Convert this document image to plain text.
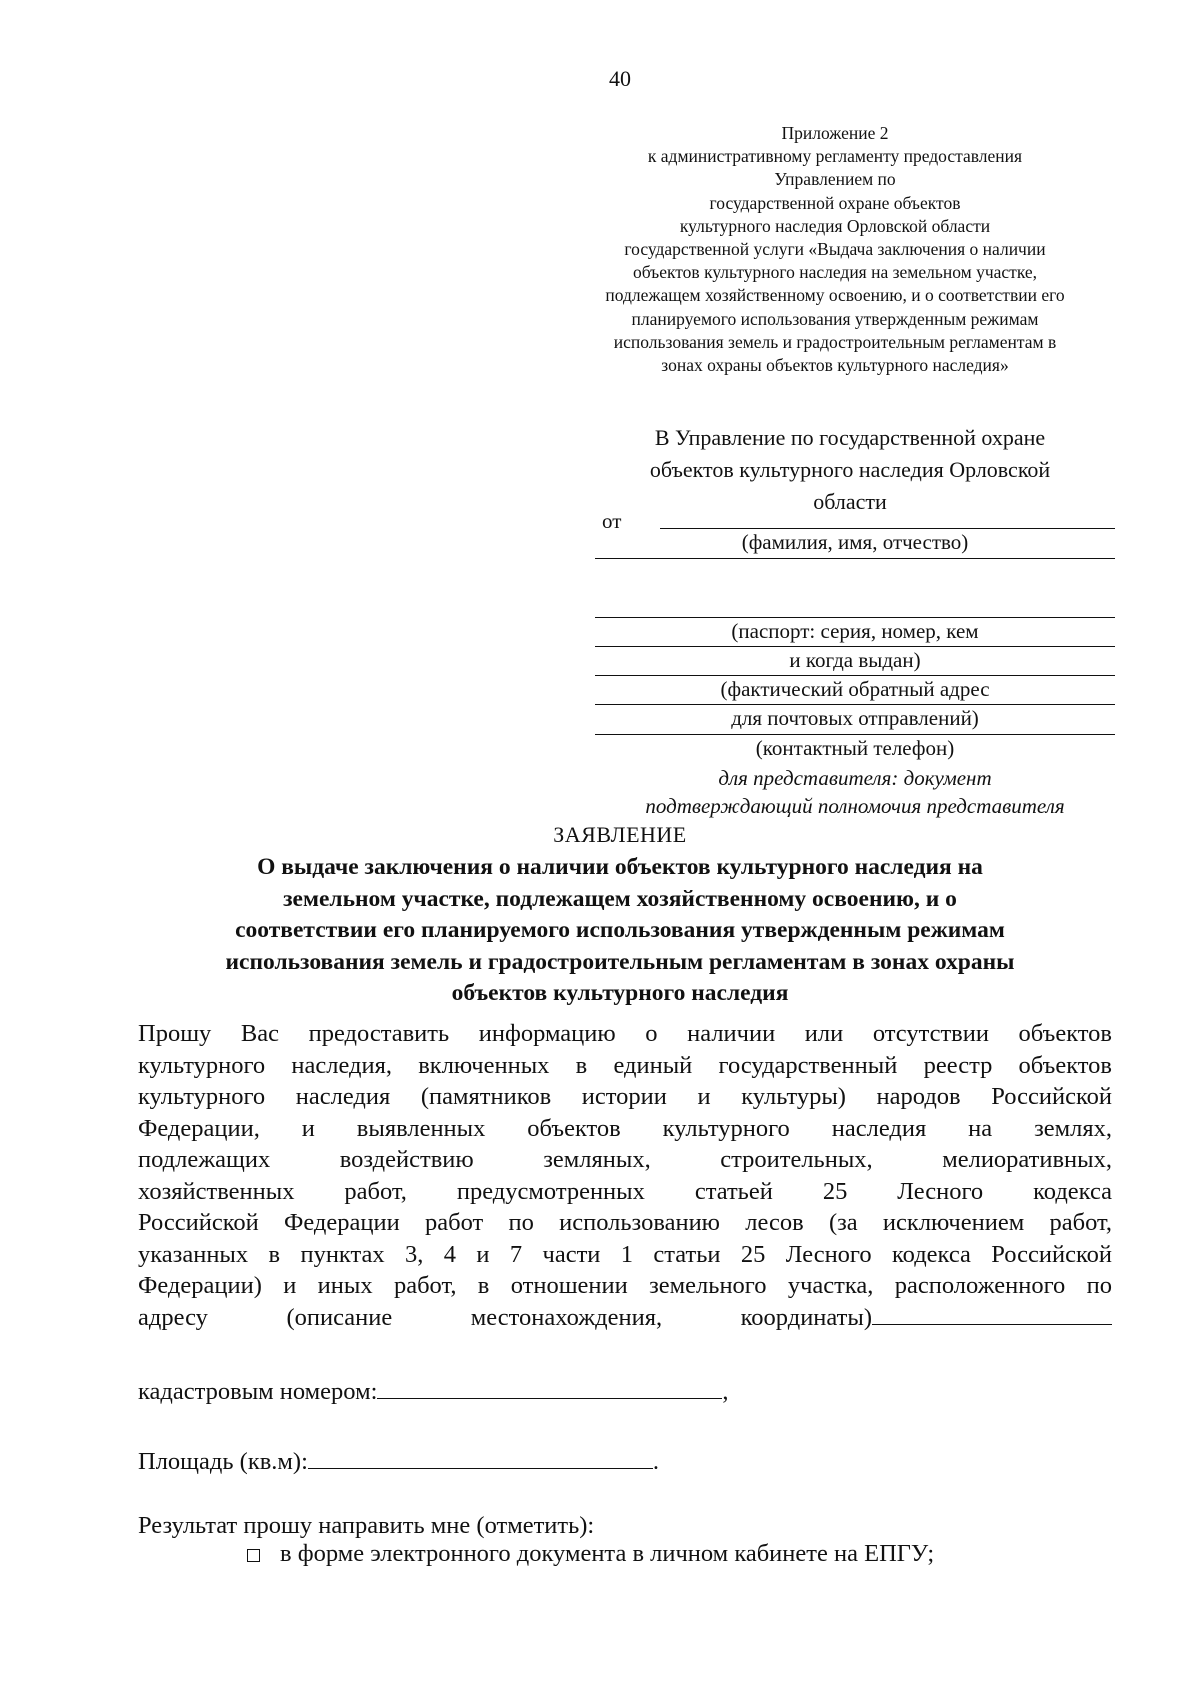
40
Приложение 2
к административному регламенту предоставления
Управлением по
государственной охране объектов
культурного наследия Орловской области
государственной услуги «Выдача заключения о наличии
объектов культурного наследия на земельном участке,
подлежащем хозяйственному освоению, и о соответствии его
планируемого использования утвержденным режимам
использования земель и градостроительным регламентам в
зонах охраны объектов культурного наследия»
В Управление по государственной охране
объектов культурного наследия Орловской
области
от
(фамилия, имя, отчество)
(паспорт: серия, номер, кем
и когда выдан)
(фактический обратный адрес
для почтовых отправлений)
(контактный телефон)
для представителя: документ
подтверждающий полномочия представителя
ЗАЯВЛЕНИЕ
О выдаче заключения о наличии объектов культурного наследия на
земельном участке, подлежащем хозяйственному освоению, и о
соответствии его планируемого использования утвержденным режимам
использования земель и градостроительным регламентам в зонах охраны
объектов культурного наследия
Прошу Вас предоставить информацию о наличии или отсутствии объектов
культурного наследия, включенных в единый государственный реестр объектов
культурного наследия (памятников истории и культуры) народов Российской
Федерации, и выявленных объектов культурного наследия на землях,
подлежащих воздействию земляных, строительных, мелиоративных,
хозяйственных работ, предусмотренных статьей 25 Лесного кодекса
Российской Федерации работ по использованию лесов (за исключением работ,
указанных в пунктах 3, 4 и 7 части 1 статьи 25 Лесного кодекса Российской
Федерации) и иных работ, в отношении земельного участка, расположенного по
адресу	(описание	местонахождения,	координаты)
кадастровым номером:	,
Площадь (кв.м):	.
Результат прошу направить мне (отметить):
в форме электронного документа в личном кабинете на ЕПГУ;
